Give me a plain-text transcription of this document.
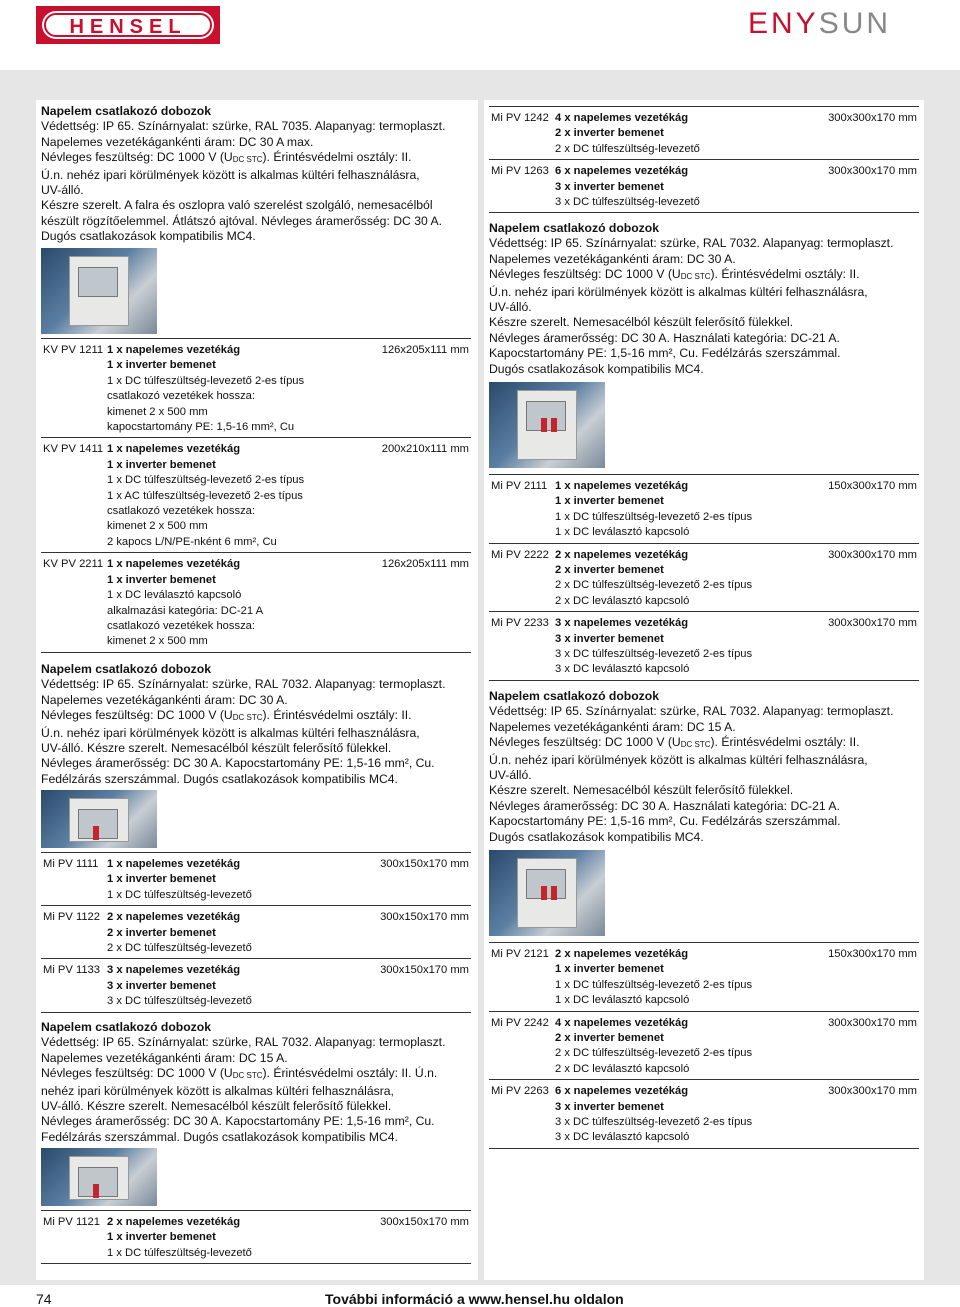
HENSEL	ENYSUN
Napelem csatlakozó dobozok
Védettség: IP 65. Színárnyalat: szürke, RAL 7035. Alapanyag: termoplaszt.
Napelemes vezetékágankénti áram: DC 30 A max.
Névleges feszültség: DC 1000 V $(U_{DC STC})$. Érintésvédelmi osztály: II.
Ú.n. nehéz ipari körülmények között is alkalmas kültéri felhasználásra,
UV-álló.
Készre szerelt. A falra és oszlopra való szerelést szolgáló, nemesacélból
készült rögzítőelemmel. Átlátszó ajtóval. Névleges áramerősség: DC 30 A.
Dugós csatlakozások kompatibilis MC4.
KV PV 1211	126x205x111 mm
1 x napelemes vezetékág
1 x inverter bemenet
1 x DC túlfeszültség-levezető 2-es típus
csatlakozó vezetékek hossza:
kimenet 2 x 500 mm
kapocstartomány PE: 1,5-16 mm², Cu
KV PV 1411	200x210x111 mm
1 x napelemes vezetékág
1 x inverter bemenet
1 x DC túlfeszültség-levezető 2-es típus
1 x AC túlfeszültség-levezető 2-es típus
csatlakozó vezetékek hossza:
kimenet 2 x 500 mm
2 kapocs L/N/PE-nként 6 mm², Cu
KV PV 2211	126x205x111 mm
1 x napelemes vezetékág
1 x inverter bemenet
1 x DC leválasztó kapcsoló
alkalmazási kategória: DC-21 A
csatlakozó vezetékek hossza:
kimenet 2 x 500 mm
Napelem csatlakozó dobozok
Védettség: IP 65. Színárnyalat: szürke, RAL 7032. Alapanyag: termoplaszt.
Napelemes vezetékágankénti áram: DC 30 A.
Névleges feszültség: DC 1000 V $(U_{DC STC})$. Érintésvédelmi osztály: II.
Ú.n. nehéz ipari körülmények között is alkalmas kültéri felhasználásra,
UV-álló. Készre szerelt. Nemesacélból készült felerősítő fülekkel.
Névleges áramerősség: DC 30 A. Kapocstartomány PE: 1,5-16 mm², Cu.
Fedélzárás szerszámmal. Dugós csatlakozások kompatibilis MC4.
Mi PV 1111	300x150x170 mm
1 x napelemes vezetékág
1 x inverter bemenet
1 x DC túlfeszültség-levezető
Mi PV 1122	300x150x170 mm
2 x napelemes vezetékág
2 x inverter bemenet
2 x DC túlfeszültség-levezető
Mi PV 1133	300x150x170 mm
3 x napelemes vezetékág
3 x inverter bemenet
3 x DC túlfeszültség-levezető
Napelem csatlakozó dobozok
Védettség: IP 65. Színárnyalat: szürke, RAL 7032. Alapanyag: termoplaszt.
Napelemes vezetékágankénti áram: DC 15 A.
Névleges feszültség: DC 1000 V $(U_{DC STC})$. Érintésvédelmi osztály: II. Ú.n.
nehéz ipari körülmények között is alkalmas kültéri felhasználásra,
UV-álló. Készre szerelt. Nemesacélból készült felerősítő fülekkel.
Névleges áramerősség: DC 30 A. Kapocstartomány PE: 1,5-16 mm², Cu.
Fedélzárás szerszámmal. Dugós csatlakozások kompatibilis MC4.
Mi PV 1121	300x150x170 mm
2 x napelemes vezetékág
1 x inverter bemenet
1 x DC túlfeszültség-levezető
Mi PV 1242	300x300x170 mm
4 x napelemes vezetékág
2 x inverter bemenet
2 x DC túlfeszültség-levezető
Mi PV 1263	300x300x170 mm
6 x napelemes vezetékág
3 x inverter bemenet
3 x DC túlfeszültség-levezető
Napelem csatlakozó dobozok
Védettség: IP 65. Színárnyalat: szürke, RAL 7032. Alapanyag: termoplaszt.
Napelemes vezetékágankénti áram: DC 30 A.
Névleges feszültség: DC 1000 V $(U_{DC STC})$. Érintésvédelmi osztály: II.
Ú.n. nehéz ipari körülmények között is alkalmas kültéri felhasználásra,
UV-álló.
Készre szerelt. Nemesacélból készült felerősítő fülekkel.
Névleges áramerősség: DC 30 A. Használati kategória: DC-21 A.
Kapocstartomány PE: 1,5-16 mm², Cu. Fedélzárás szerszámmal.
Dugós csatlakozások kompatibilis MC4.
Mi PV 2111	150x300x170 mm
1 x napelemes vezetékág
1 x inverter bemenet
1 x DC túlfeszültség-levezető 2-es típus
1 x DC leválasztó kapcsoló
Mi PV 2222	300x300x170 mm
2 x napelemes vezetékág
2 x inverter bemenet
2 x DC túlfeszültség-levezető 2-es típus
2 x DC leválasztó kapcsoló
Mi PV 2233	300x300x170 mm
3 x napelemes vezetékág
3 x inverter bemenet
3 x DC túlfeszültség-levezető 2-es típus
3 x DC leválasztó kapcsoló
Napelem csatlakozó dobozok
Védettség: IP 65. Színárnyalat: szürke, RAL 7032. Alapanyag: termoplaszt.
Napelemes vezetékágankénti áram: DC 15 A.
Névleges feszültség: DC 1000 V $(U_{DC STC})$. Érintésvédelmi osztály: II.
Ú.n. nehéz ipari körülmények között is alkalmas kültéri felhasználásra,
UV-álló.
Készre szerelt. Nemesacélból készült felerősítő fülekkel.
Névleges áramerősség: DC 30 A. Használati kategória: DC-21 A.
Kapocstartomány PE: 1,5-16 mm², Cu. Fedélzárás szerszámmal.
Dugós csatlakozások kompatibilis MC4.
Mi PV 2121	150x300x170 mm
2 x napelemes vezetékág
1 x inverter bemenet
1 x DC túlfeszültség-levezető 2-es típus
1 x DC leválasztó kapcsoló
Mi PV 2242	300x300x170 mm
4 x napelemes vezetékág
2 x inverter bemenet
2 x DC túlfeszültség-levezető 2-es típus
2 x DC leválasztó kapcsoló
Mi PV 2263	300x300x170 mm
6 x napelemes vezetékág
3 x inverter bemenet
3 x DC túlfeszültség-levezető 2-es típus
3 x DC leválasztó kapcsoló
74	További információ a www.hensel.hu oldalon
